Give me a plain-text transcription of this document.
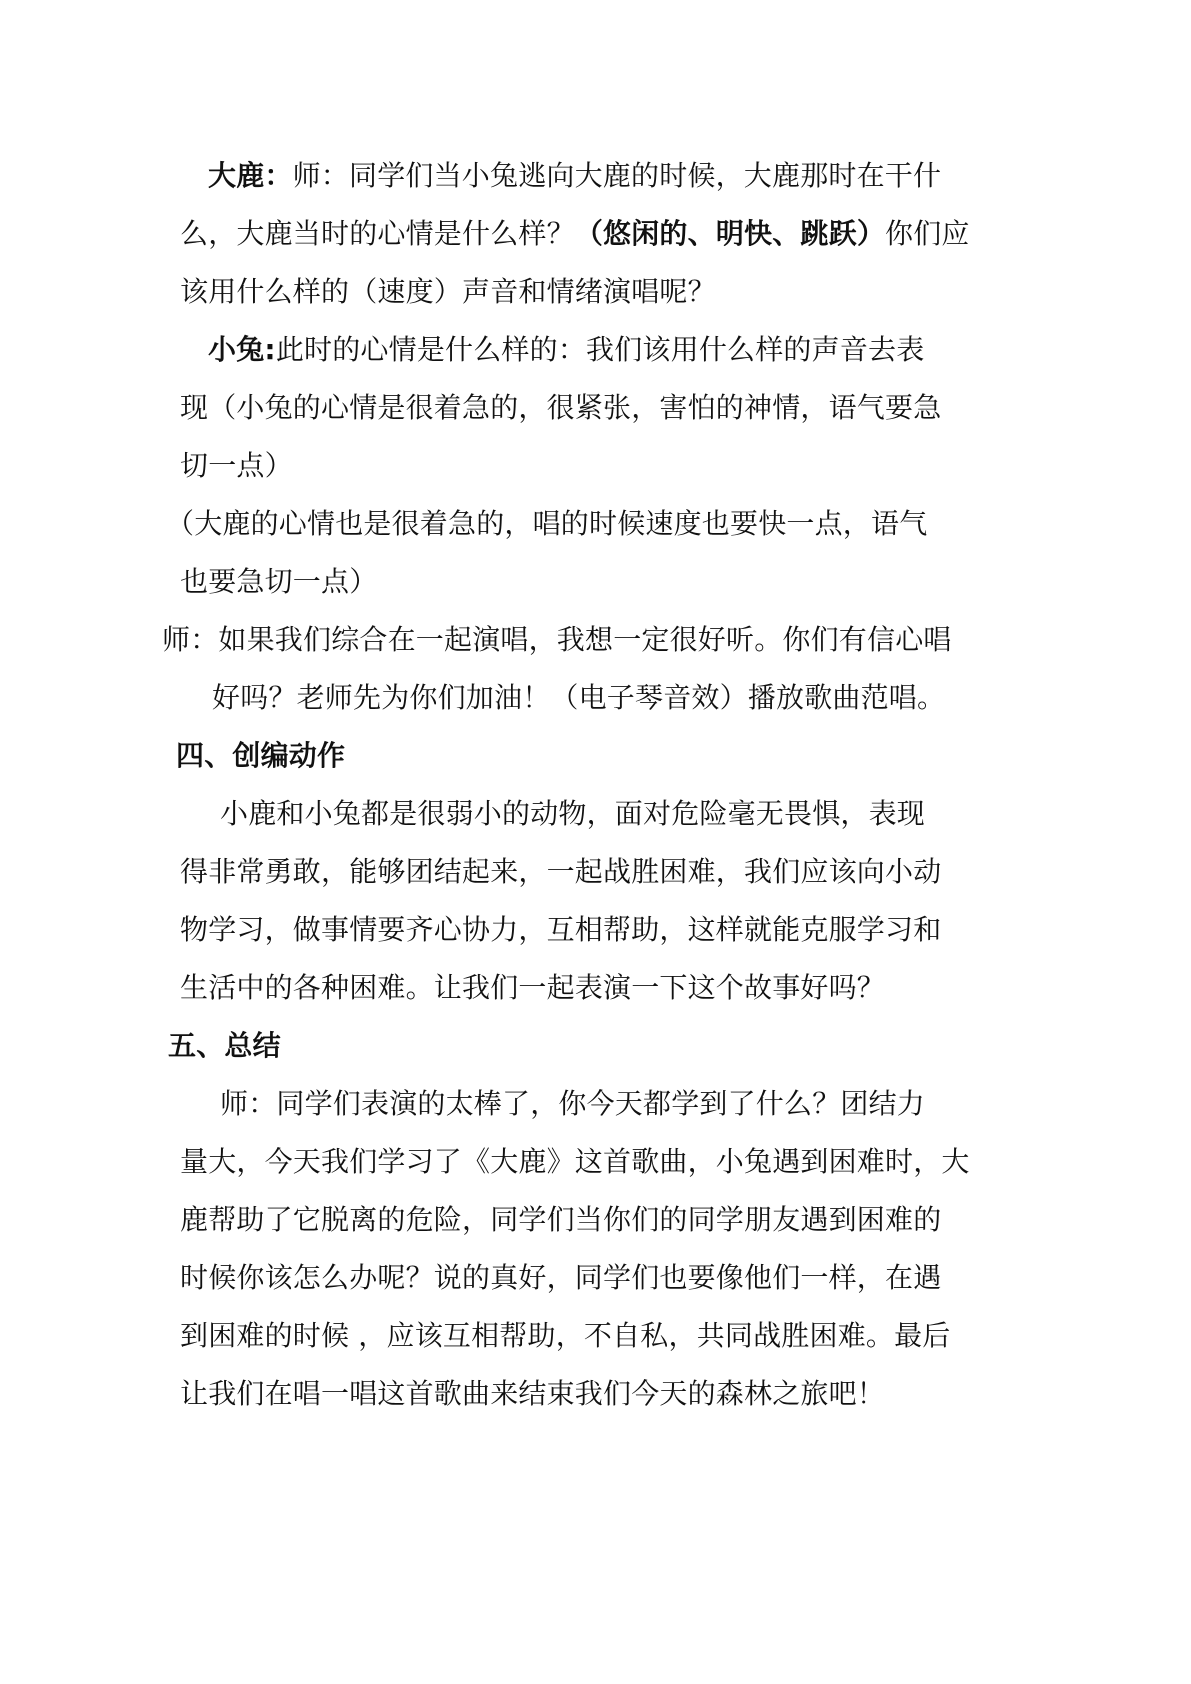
大鹿：师：同学们当小兔逃向大鹿的时候，大鹿那时在干什
么，大鹿当时的心情是什么样？（悠闲的、明快、跳跃）你们应
该用什么样的（速度）声音和情绪演唱呢？
小兔:此时的心情是什么样的：我们该用什么样的声音去表
现（小兔的心情是很着急的，很紧张，害怕的神情，语气要急
切一点）
（大鹿的心情也是很着急的，唱的时候速度也要快一点，语气
也要急切一点）
师：如果我们综合在一起演唱，我想一定很好听。你们有信心唱
好吗？老师先为你们加油！（电子琴音效）播放歌曲范唱。
四、创编动作
小鹿和小兔都是很弱小的动物，面对危险毫无畏惧，表现
得非常勇敢，能够团结起来，一起战胜困难，我们应该向小动
物学习，做事情要齐心协力，互相帮助，这样就能克服学习和
生活中的各种困难。让我们一起表演一下这个故事好吗？
五、总结
师：同学们表演的太棒了，你今天都学到了什么？团结力
量大，今天我们学习了《大鹿》这首歌曲，小兔遇到困难时，大
鹿帮助了它脱离的危险，同学们当你们的同学朋友遇到困难的
时候你该怎么办呢？说的真好，同学们也要像他们一样，在遇
到困难的时候 ，应该互相帮助，不自私，共同战胜困难。最后
让我们在唱一唱这首歌曲来结束我们今天的森林之旅吧！
